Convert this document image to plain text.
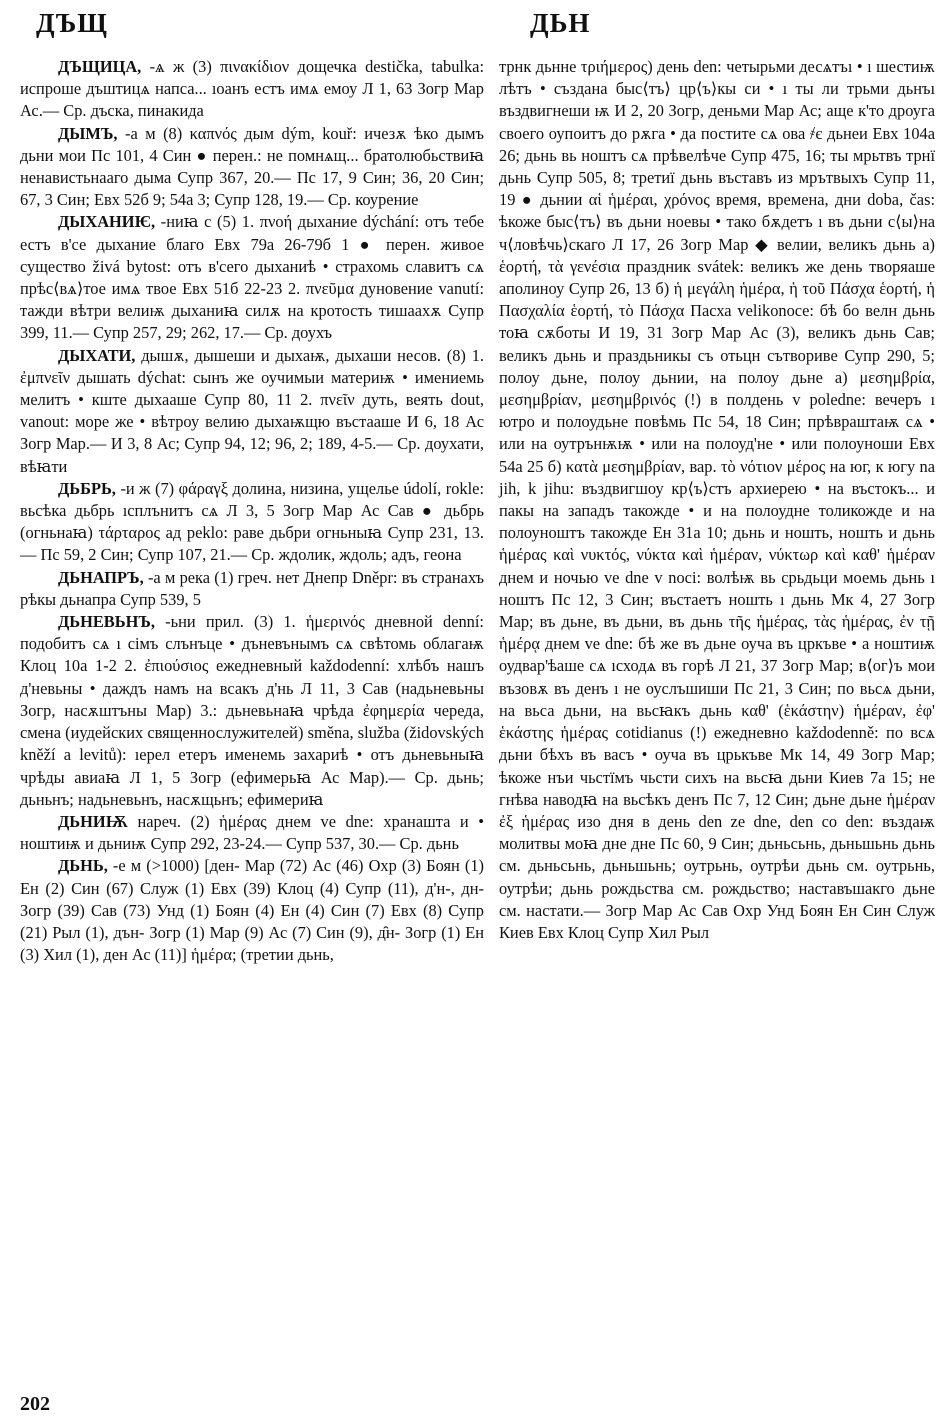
ДЪЩ	ДЬН

ДЪЩИЦА, -ѧ ж (3) πινακίδιον дощечка destička, tabulka: испроше дъштицѧ напса... ıоанъ естъ имѧ емоу Л 1, 63 Зогр Мар Ас.— Ср. дъска, пинакида

ДЫМЪ, -а м (8) καπνός дым dým, kouř: ичезѫ ѣко дымъ дьни мои Пс 101, 4 Син ● перен.: не помнѧщ... братолюбьствиꙗ ненавистьнааго дыма Супр 367, 20.— Пс 17, 9 Син; 36, 20 Син; 67, 3 Син; Евх 52б 9; 54а 3; Супр 128, 19.— Ср. коурение

ДЫХАНИѤ, -ниꙗ с (5) 1. πνοή дыхание dýchání: отъ тебе естъ в'се дыхание благо Евх 79а 26-79б 1 ● перен. живое существо živá bytost: отъ в'сего дыханиѣ • страхомь славитъ сѧ прѣс⟨вѧ⟩тое имѧ твое Евх 51б 22-23 2. πνεῦμα дуновение vanutí: тажди вѣтри велиѭ дыханиꙗ силѫ на кротость тишаахѫ Супр 399, 11.— Супр 257, 29; 262, 17.— Ср. доухъ

ДЫХАТИ, дышѫ, дышеши и дыхаѭ, дыхаши несов. (8) 1. ἐμπνεῖν дышать dýchat: сынъ же оучимыи материѭ • имениемь мелитъ • кште дыхааше Супр 80, 11 2. πνεῖν дуть, веять dout, vanout: море же • вѣтроу велию дыхаѭщю въстааше И 6, 18 Ас Зогр Мар.— И 3, 8 Ас; Супр 94, 12; 96, 2; 189, 4-5.— Ср. доухати, вѣꙗти

ДЬБРЬ, -и ж (7) φάραγξ долина, низина, ущелье údolí, rokle: вьсѣка дьбрь ıсплънитъ сѧ Л 3, 5 Зогр Мар Ас Сав ● дьбрь (огньнаꙗ) τάρταρος ад peklo: раве дьбри огньныꙗ Супр 231, 13.— Пс 59, 2 Син; Супр 107, 21.— Ср. ждолик, ждоль; адъ, геона

ДЬНАПРЪ, -а м река (1) греч. нет Днепр Dněpr: въ странахъ рѣкы дьнапра Супр 539, 5

ДЬНЕВЬНЪ, -ьни прил. (3) 1. ἡμερινός дневной denní: подобитъ сѧ ı сімъ слънъце • дъневънымъ сѧ свѣтомь облагаѭ Клоц 10а 1-2 2. ἐπιούσιος ежедневный každodenní: хлѣбъ нашъ д'невьны • даждъ намъ на всакъ д'нь Л 11, 3 Сав (надьневьны Зогр, насѫштъны Мар) 3.: дьневьнаꙗ чрѣда ἐφημερία череда, смена (иудейских священнослужителей) směna, služba (židovských kněží a levitů): ıерел етеръ именемь захариѣ • отъ дьневьныꙗ чрѣды авиаꙗ Л 1, 5 Зогр (ефимерьꙗ Ас Мар).— Ср. дьнь; дьньнъ; надьневьнъ, насѫщьнъ; ефимериꙗ

ДЬНИѬ нареч. (2) ἡμέρας днем ve dne: хранашта и • ноштиѭ и дьниѭ Супр 292, 23-24.— Супр 537, 30.— Ср. дьнь

ДЬНЬ, -е м (>1000) [ден- Мар (72) Ас (46) Охр (3) Боян (1) Ен (2) Син (67) Служ (1) Евх (39) Клоц (4) Супр (11), д'н-, дн- Зогр (39) Сав (73) Унд (1) Боян (4) Ен (4) Син (7) Евх (8) Супр (21) Рыл (1), дън- Зогр (1) Мар (9) Ас (7) Син (9), д̑н- Зогр (1) Ен (3) Хил (1), ден Ас (11)] ἡμέρα; (третии дьнь,

трнк дьнне τριήμερος) день den: четырьми десѧтъı • ı шестиѭ лѣтъ • създана быс⟨тъ⟩ цр⟨ъ⟩кы си • ı ты ли трьми дьнъı въздвигнеши ѭ И 2, 20 Зогр, деньми Мар Ас; аще к'то дроуга своего оупоитъ до рѫга • да постите сѧ ова ҂є дьнеи Евх 104а 26; дьнь вь ноштъ сѧ прѣвелѣче Супр 475, 16; ты мрьтвъ трнї дьнь Супр 505, 8; третиї дьнь въставъ из мрътвыхъ Супр 11, 19 ● дьнии αἱ ἡμέραι, χρόνος время, времена, дни doba, čas: ѣкоже быс⟨тъ⟩ въ дьни ноевы • тако бѫдетъ ı въ дьни с⟨ы⟩на ч⟨ловѣчь⟩скаго Л 17, 26 Зогр Мар ◆ велии, великъ дьнь а) ἑορτή, τὰ γενέσια праздник svátek: великъ же день творяаше аполиноу Супр 26, 13 б) ἡ μεγάλη ἡμέρα, ἡ τοῦ Πάσχα ἑορτή, ἡ Πασχαλία ἑορτή, τὸ Πάσχα Пасха velikonoce: бѣ бо велн дьнь тоꙗ сѫботы И 19, 31 Зогр Мар Ас (3), великъ дьнь Сав; великъ дьнь и праздьникы съ отьцн сътвориве Супр 290, 5; полоу дьне, полоу дьнии, на полоу дьне а) μεσημβρία, μεσημβρίαν, μεσημβρινός (!) в полдень v poledne: вечеръ ı ютро и полоудьне повѣмь Пс 54, 18 Син; прѣвраштаѭ сѧ • или на оутрънѭѭ • или на полоуд'не • или полоуноши Евх 54а 25 б) κατὰ μεσημβρίαν, вар. τὸ νότιον μέρος на юг, к югу na jih, k jihu: въздвигшоу кр⟨ъ⟩стъ архиерею • на въстокъ... и пакы на западъ такожде • и на полоудне толикожде и на полоуноштъ такожде Ен 31а 10; дьнь и ношть, ношть и дьнь ἡμέρας καὶ νυκτός, νύκτα καὶ ἡμέραν, νύκτωρ καὶ καθ' ἡμέραν днем и ночью ve dne v noci: волѣѭ вь срьдьци моемь дьнь ı ноштъ Пс 12, 3 Син; въстаетъ ношть ı дьнь Мк 4, 27 Зогр Мар; въ дьне, въ дьни, въ дьнь τῆς ἡμέρας, τὰς ἡμέρας, ἐν τῇ ἡμέρᾳ днем ve dne: бѣ же въ дьне оуча въ цркъве • а ноштиѭ оудвар'ѣаше сѧ ıсходѧ въ горѣ Л 21, 37 Зогр Мар; в⟨ог⟩ъ мои възовѫ въ денъ ı не оуслъшиши Пс 21, 3 Син; по вьсѧ дьни, на вьса дьни, на вьсꙗкъ дьнь καθ' (ἑκάστην) ἡμέραν, ἐφ' ἑκάστης ἡμέρας cotidianus (!) ежедневно každodenně: по всѧ дьни бѣхъ въ васъ • оуча въ црькъве Мк 14, 49 Зогр Мар; ѣкоже нъи чьстїмъ чьсти сихъ на вьсꙗ дьни Киев 7а 15; не гнѣва наводꙗ на вьсѣкъ денъ Пс 7, 12 Син; дьне дьне ἡμέραν ἐξ ἡμέρας изо дня в день den ze dne, den co den: въздаѭ молитвы моꙗ дне дне Пс 60, 9 Син; дьньсьнь, дьньшьнь дьнь см. дьньсьнь, дьньшьнь; оутрьнь, оутрѣи дьнь см. оутрьнь, оутрѣи; дьнь рождьства см. рождьство; наставъшакго дьне см. настати.— Зогр Мар Ас Сав Охр Унд Боян Ен Син Служ Киев Евх Клоц Супр Хил Рыл

202
